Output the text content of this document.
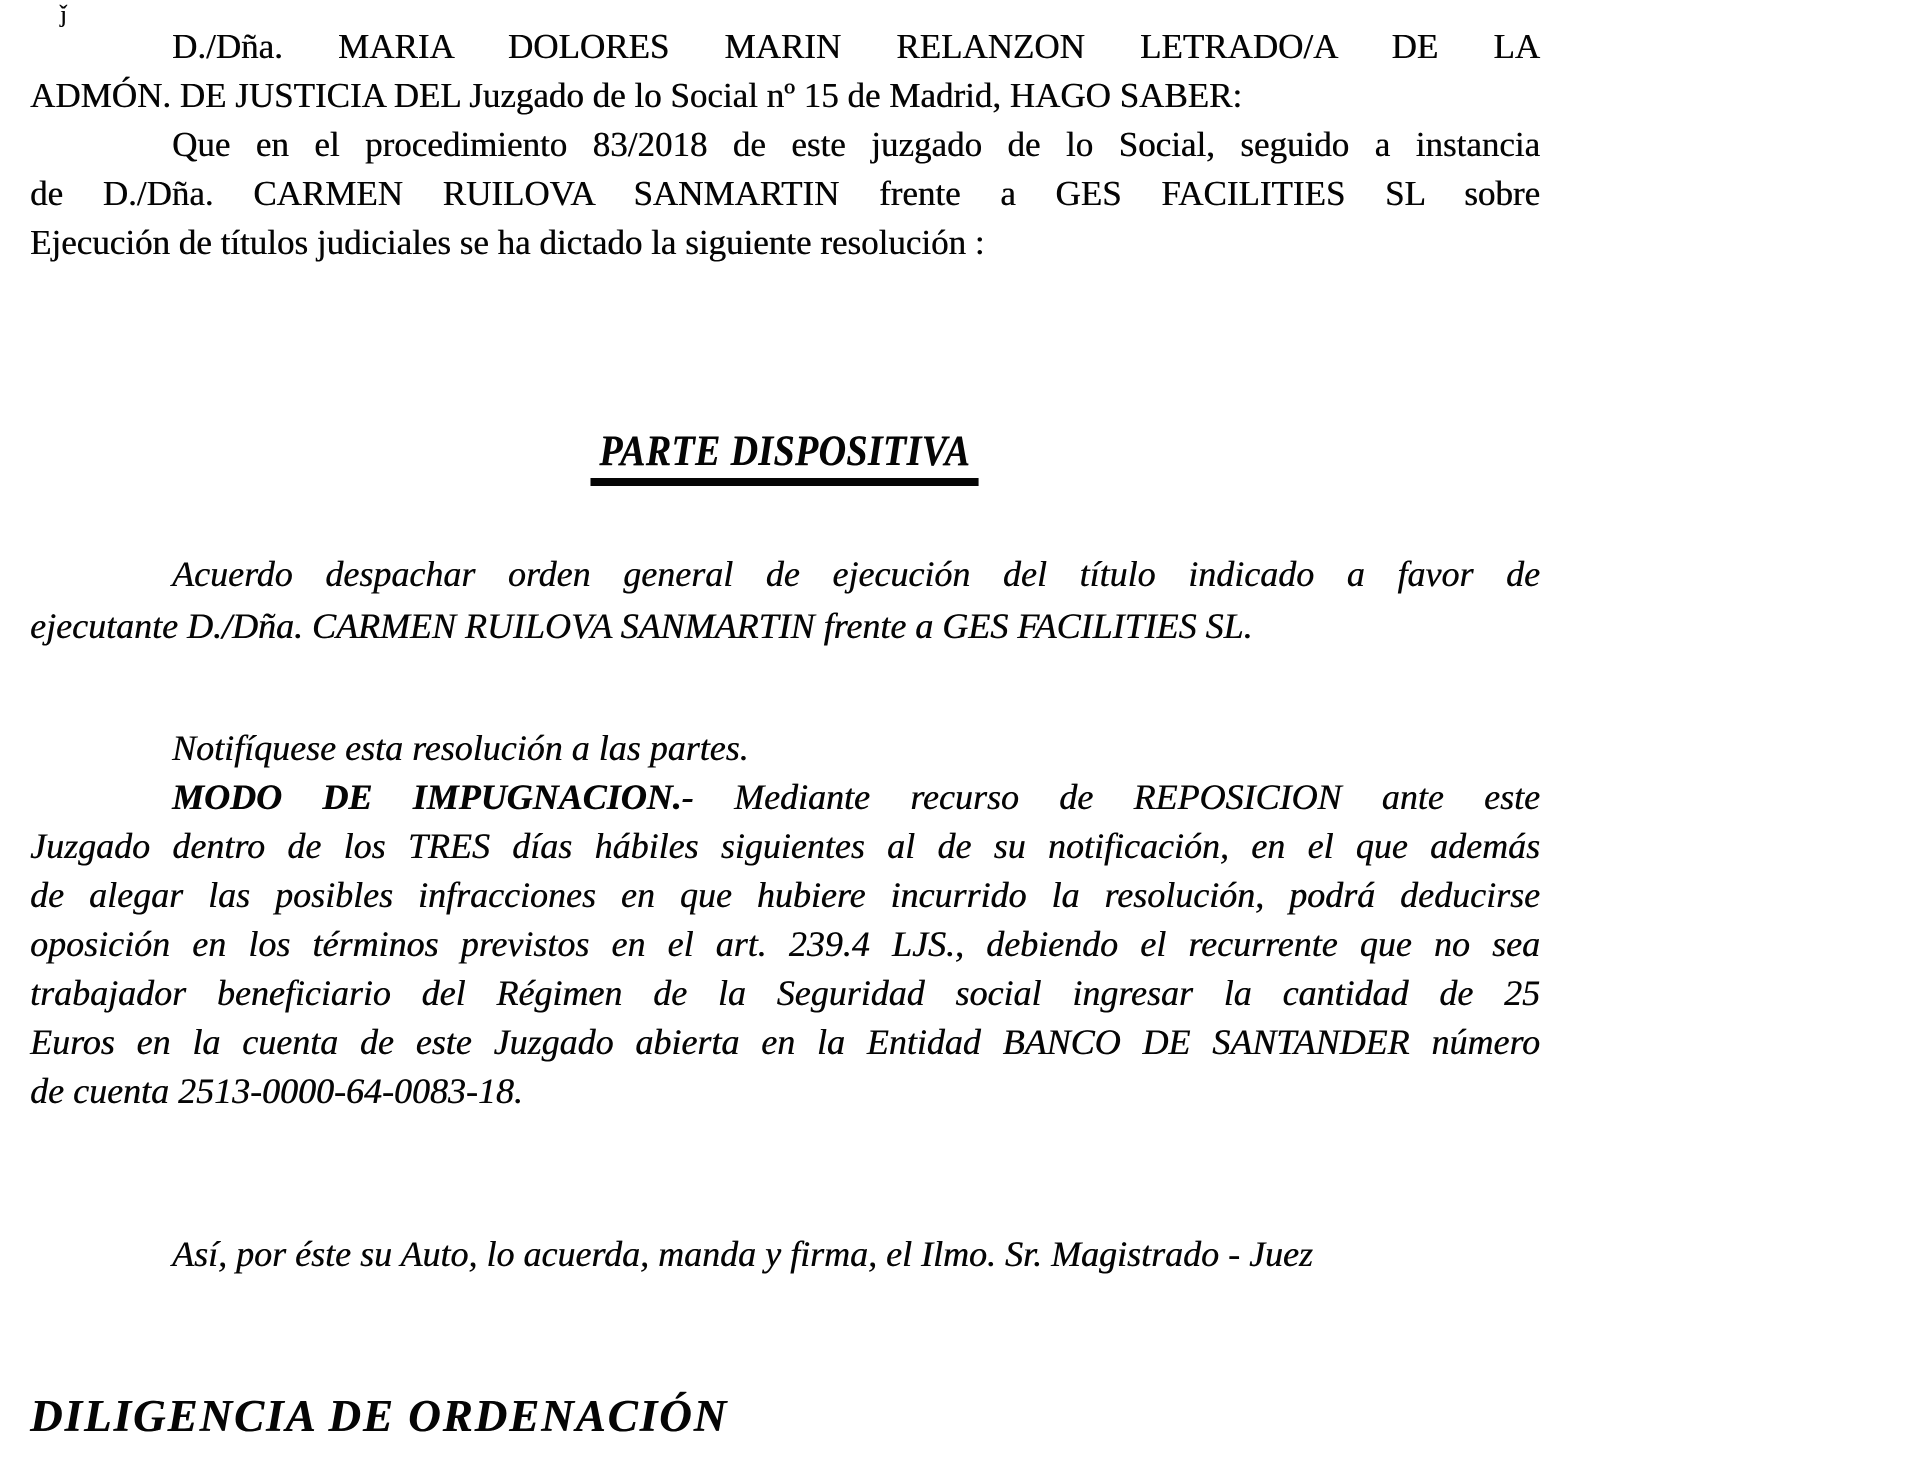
ǰ
D./Dña. MARIA DOLORES MARIN RELANZON LETRADO/A DE LA
ADMÓN. DE JUSTICIA DEL Juzgado de lo Social nº 15 de Madrid, HAGO SABER:
Que en el procedimiento 83/2018 de este juzgado de lo Social, seguido a instancia
de D./Dña. CARMEN RUILOVA SANMARTIN frente a GES FACILITIES SL sobre
Ejecución de títulos judiciales se ha dictado la siguiente resolución :
PARTE DISPOSITIVA
Acuerdo despachar orden general de ejecución del título indicado a favor de
ejecutante D./Dña. CARMEN RUILOVA SANMARTIN frente a GES FACILITIES SL.
Notifíquese esta resolución a las partes.
MODO DE IMPUGNACION.- Mediante recurso de REPOSICION ante este
Juzgado dentro de los TRES días hábiles siguientes al de su notificación, en el que además
de alegar las posibles infracciones en que hubiere incurrido la resolución, podrá deducirse
oposición en los términos previstos en el art. 239.4 LJS., debiendo el recurrente que no sea
trabajador beneficiario del Régimen de la Seguridad social ingresar la cantidad de 25
Euros en la cuenta de este Juzgado abierta en la Entidad BANCO DE SANTANDER número
de cuenta 2513-0000-64-0083-18.
Así, por éste su Auto, lo acuerda, manda y firma, el Ilmo. Sr. Magistrado - Juez
DILIGENCIA DE ORDENACIÓN
